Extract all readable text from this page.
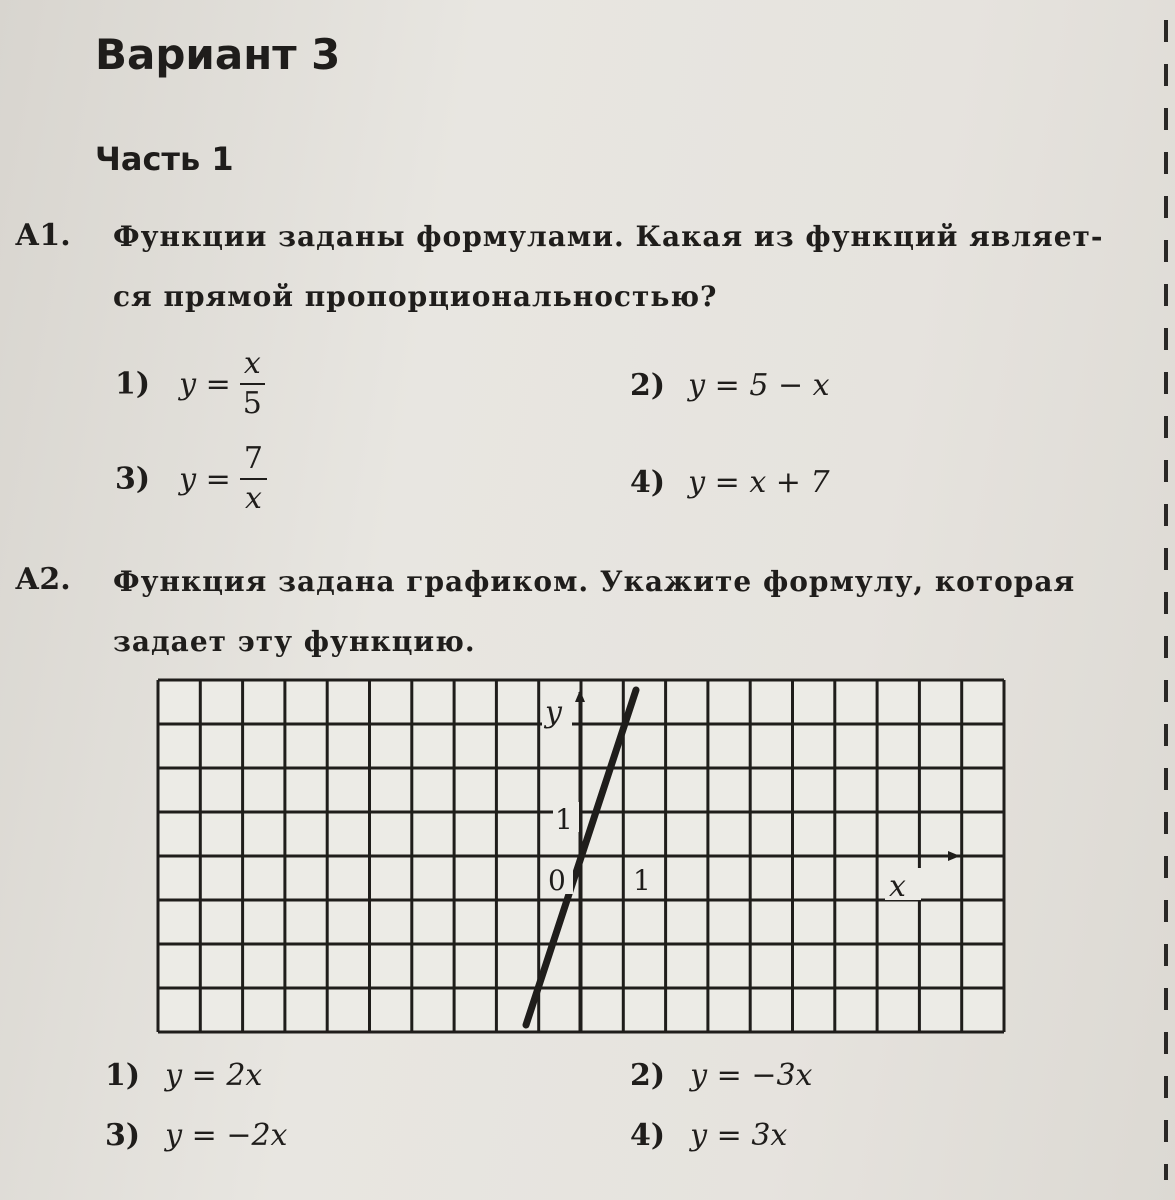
Вариант 3
Часть 1
А1. Функции заданы формулами. Какая из функций являет-
ся прямой пропорциональностью?
1) $y = \frac{x}{5}$	2) y = 5 − x
3) $y = \frac{7}{x}$	4) y = x + 7
А2. Функция задана графиком. Укажите формулу, которая
задает эту функцию.
y
x
0 1
1
1) y = 2x	2) y = −3x
3) y = −2x	4) y = 3x
